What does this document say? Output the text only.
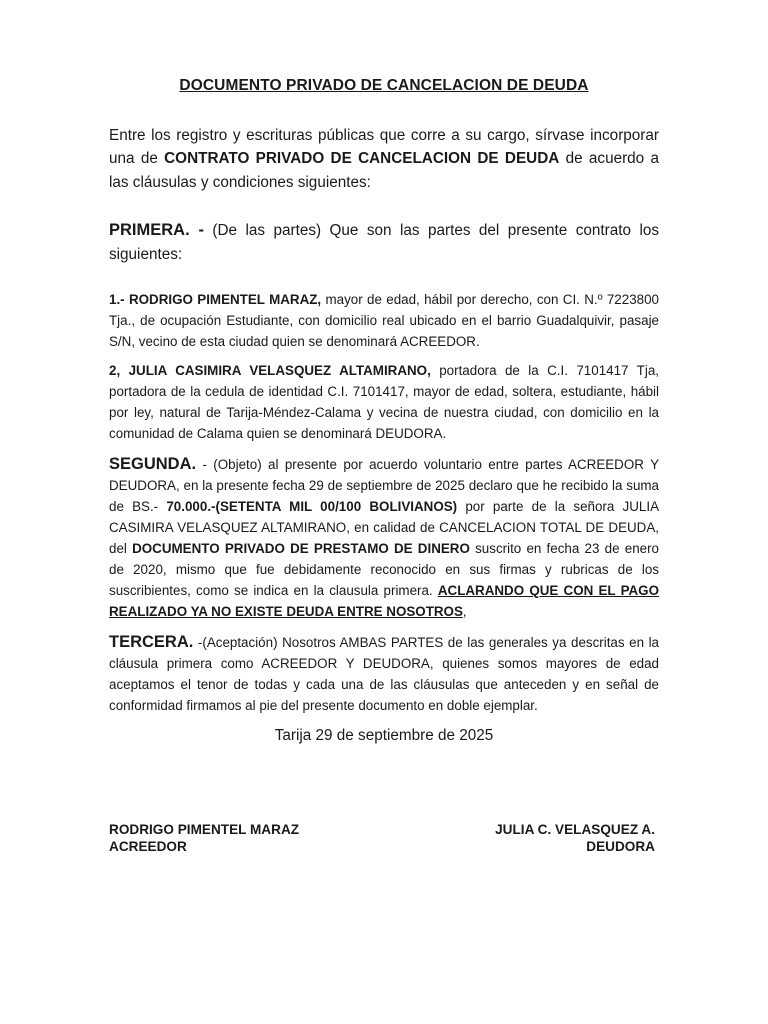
DOCUMENTO PRIVADO DE CANCELACION DE DEUDA
Entre los registro y escrituras públicas que corre a su cargo, sírvase incorporar una de CONTRATO PRIVADO DE CANCELACION DE DEUDA de acuerdo a las cláusulas y condiciones siguientes:
PRIMERA. - (De las partes) Que son las partes del presente contrato los siguientes:
1.- RODRIGO PIMENTEL MARAZ, mayor de edad, hábil por derecho, con CI. N.º 7223800 Tja., de ocupación Estudiante, con domicilio real ubicado en el barrio Guadalquivir, pasaje S/N, vecino de esta ciudad quien se denominará ACREEDOR.
2, JULIA CASIMIRA VELASQUEZ ALTAMIRANO, portadora de la C.I. 7101417 Tja, portadora de la cedula de identidad C.I. 7101417, mayor de edad, soltera, estudiante, hábil por ley, natural de Tarija-Méndez-Calama y vecina de nuestra ciudad, con domicilio en la comunidad de Calama quien se denominará DEUDORA.
SEGUNDA. - (Objeto) al presente por acuerdo voluntario entre partes ACREEDOR Y DEUDORA, en la presente fecha 29 de septiembre de 2025 declaro que he recibido la suma de BS.- 70.000.-(SETENTA MIL 00/100 BOLIVIANOS) por parte de la señora JULIA CASIMIRA VELASQUEZ ALTAMIRANO, en calidad de CANCELACION TOTAL DE DEUDA, del DOCUMENTO PRIVADO DE PRESTAMO DE DINERO suscrito en fecha 23 de enero de 2020, mismo que fue debidamente reconocido en sus firmas y rubricas de los suscribientes, como se indica en la clausula primera. ACLARANDO QUE CON EL PAGO REALIZADO YA NO EXISTE DEUDA ENTRE NOSOTROS,
TERCERA. -(Aceptación) Nosotros AMBAS PARTES de las generales ya descritas en la cláusula primera como ACREEDOR Y DEUDORA, quienes somos mayores de edad aceptamos el tenor de todas y cada una de las cláusulas que anteceden y en señal de conformidad firmamos al pie del presente documento en doble ejemplar.
Tarija 29 de septiembre de 2025
RODRIGO PIMENTEL MARAZ
ACREEDOR
JULIA C. VELASQUEZ A.
DEUDORA
